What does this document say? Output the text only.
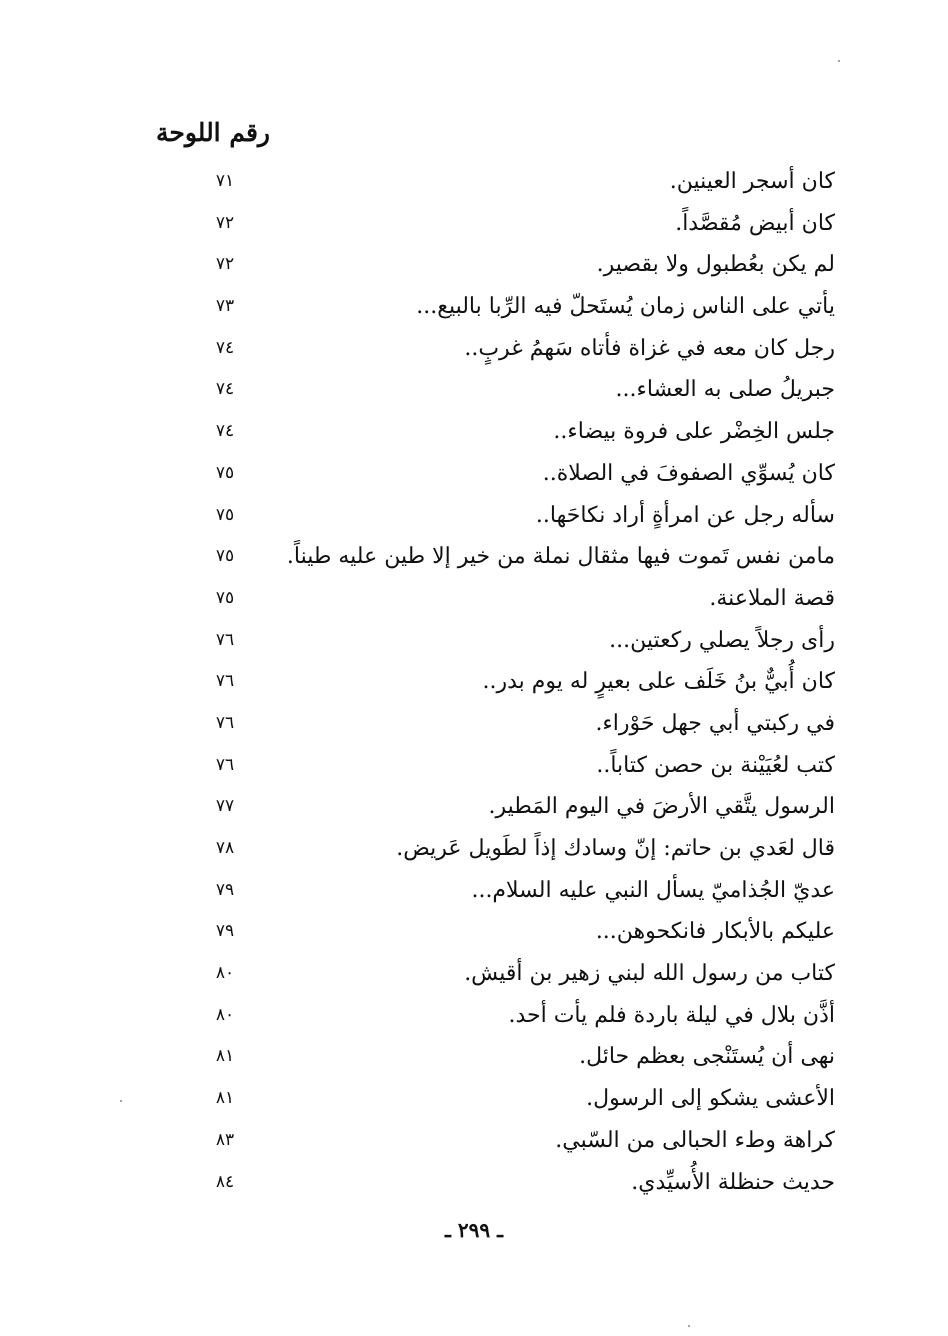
رقم اللوحة
كان أسجر العينين.
٧١
كان أبيض مُقصَّداً.
٧٢
لم يكن بعُطبول ولا بقصير.
٧٢
يأتي على الناس زمان يُستَحلّ فيه الرِّبا بالبيع...
٧٣
رجل كان معه في غزاة فأتاه سَهمُ غربٍ..
٧٤
جبريلُ صلى به العشاء...
٧٤
جلس الخِضْر على فروة بيضاء..
٧٤
كان يُسوِّي الصفوفَ في الصلاة..
٧٥
سأله رجل عن امرأةٍ أراد نكاحَها..
٧٥
مامن نفس تَموت فيها مثقال نملة من خير إلا طين عليه طيناً.
٧٥
قصة الملاعنة.
٧٥
رأى رجلاً يصلي ركعتين...
٧٦
كان أُبيٌّ بنُ خَلَف على بعيرٍ له يوم بدر..
٧٦
في ركبتي أبي جهل حَوْراء.
٧٦
كتب لعُيَيْنة بن حصن كتاباً..
٧٦
الرسول يتَّقي الأرضَ في اليوم المَطير.
٧٧
قال لعَدي بن حاتم: إنّ وسادك إذاً لطَويل عَريض.
٧٨
عديّ الجُذاميّ يسأل النبي عليه السلام...
٧٩
عليكم بالأبكار فانكحوهن...
٧٩
كتاب من رسول الله لبني زهير بن أقيش.
٨٠
أذَّن بلال في ليلة باردة فلم يأت أحد.
٨٠
نهى أن يُستَنْجى بعظم حائل.
٨١
الأعشى يشكو إلى الرسول.
٨١
كراهة وطء الحبالى من السّبي.
٨٣
حديث حنظلة الأُسيِّدي.
٨٤
ـ ٢٩٩ ـ
